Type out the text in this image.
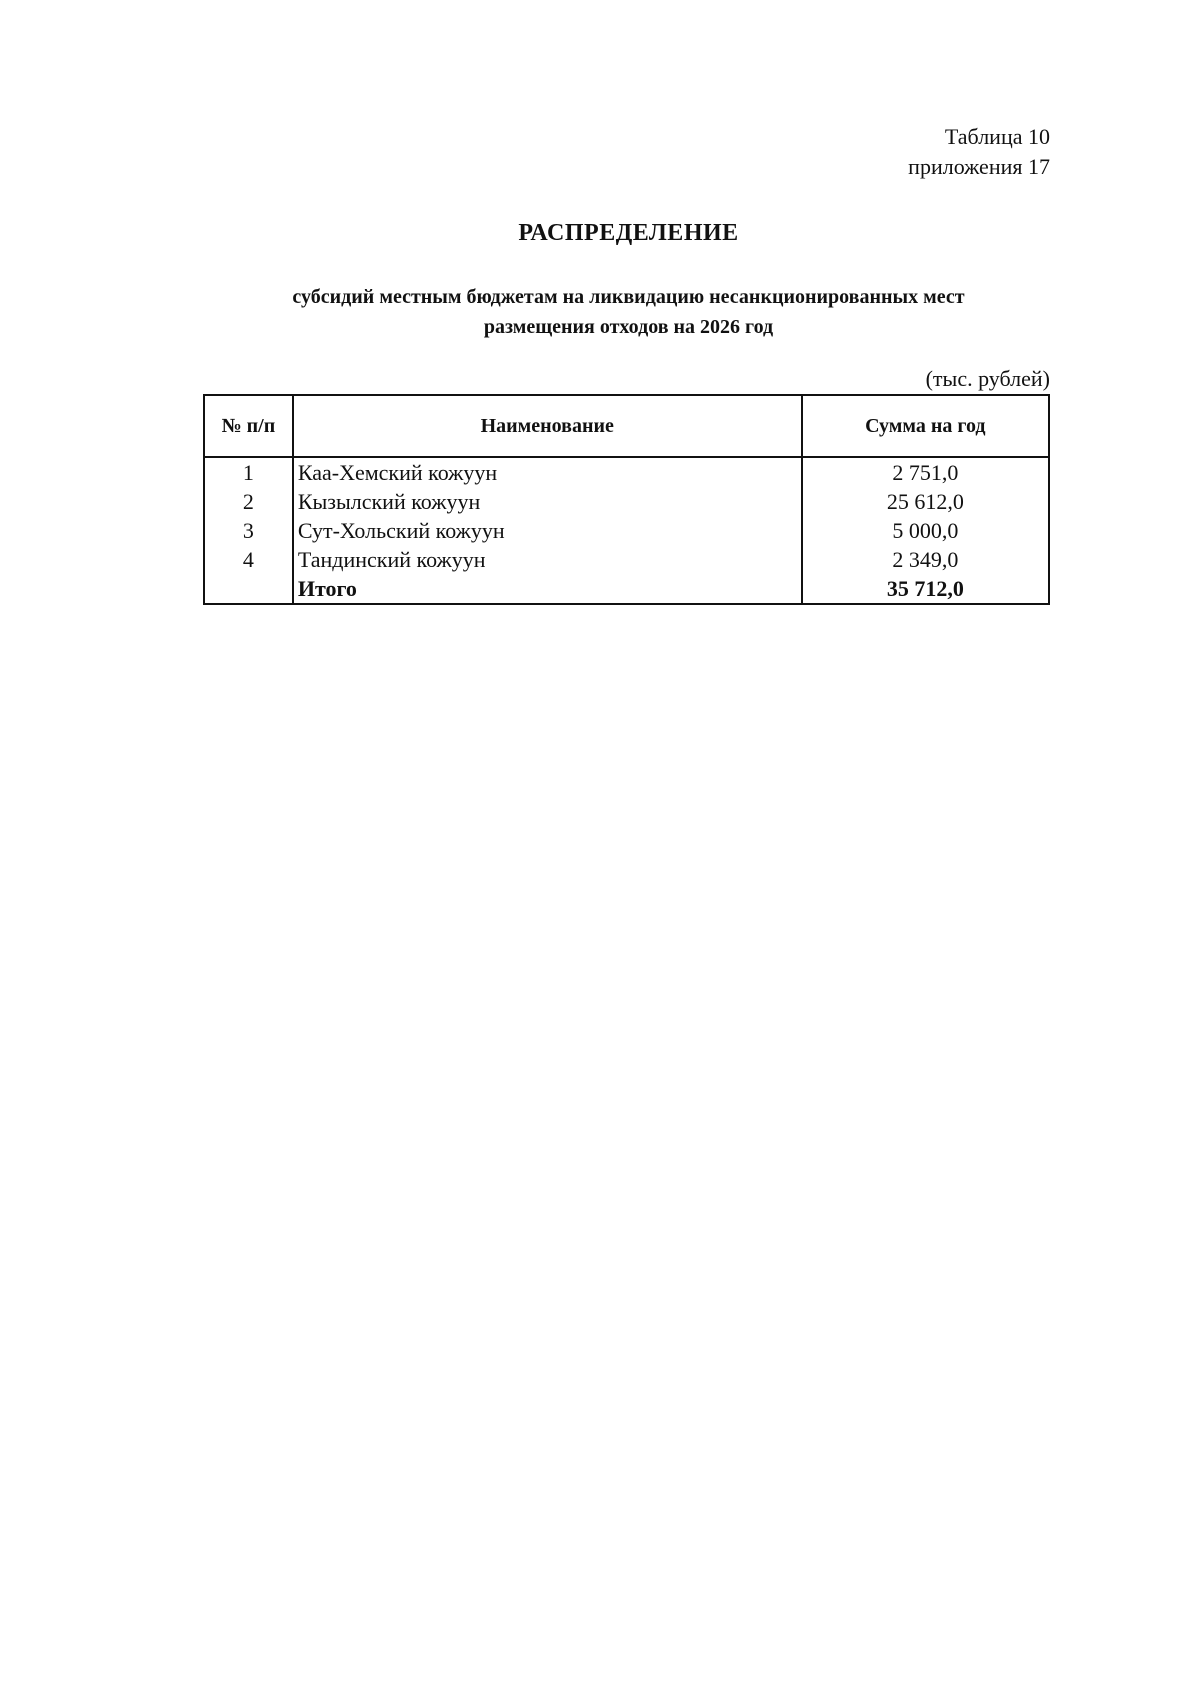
Таблица 10
приложения 17
РАСПРЕДЕЛЕНИЕ
субсидий местным бюджетам на ликвидацию несанкционированных мест
размещения отходов на 2026 год
(тыс. рублей)
№ п/п	Наименование	Сумма на год
1	Каа-Хемский кожуун	2 751,0
2	Кызылский кожуун	25 612,0
3	Сут-Хольский кожуун	5 000,0
4	Тандинский кожуун	2 349,0
	Итого	35 712,0
